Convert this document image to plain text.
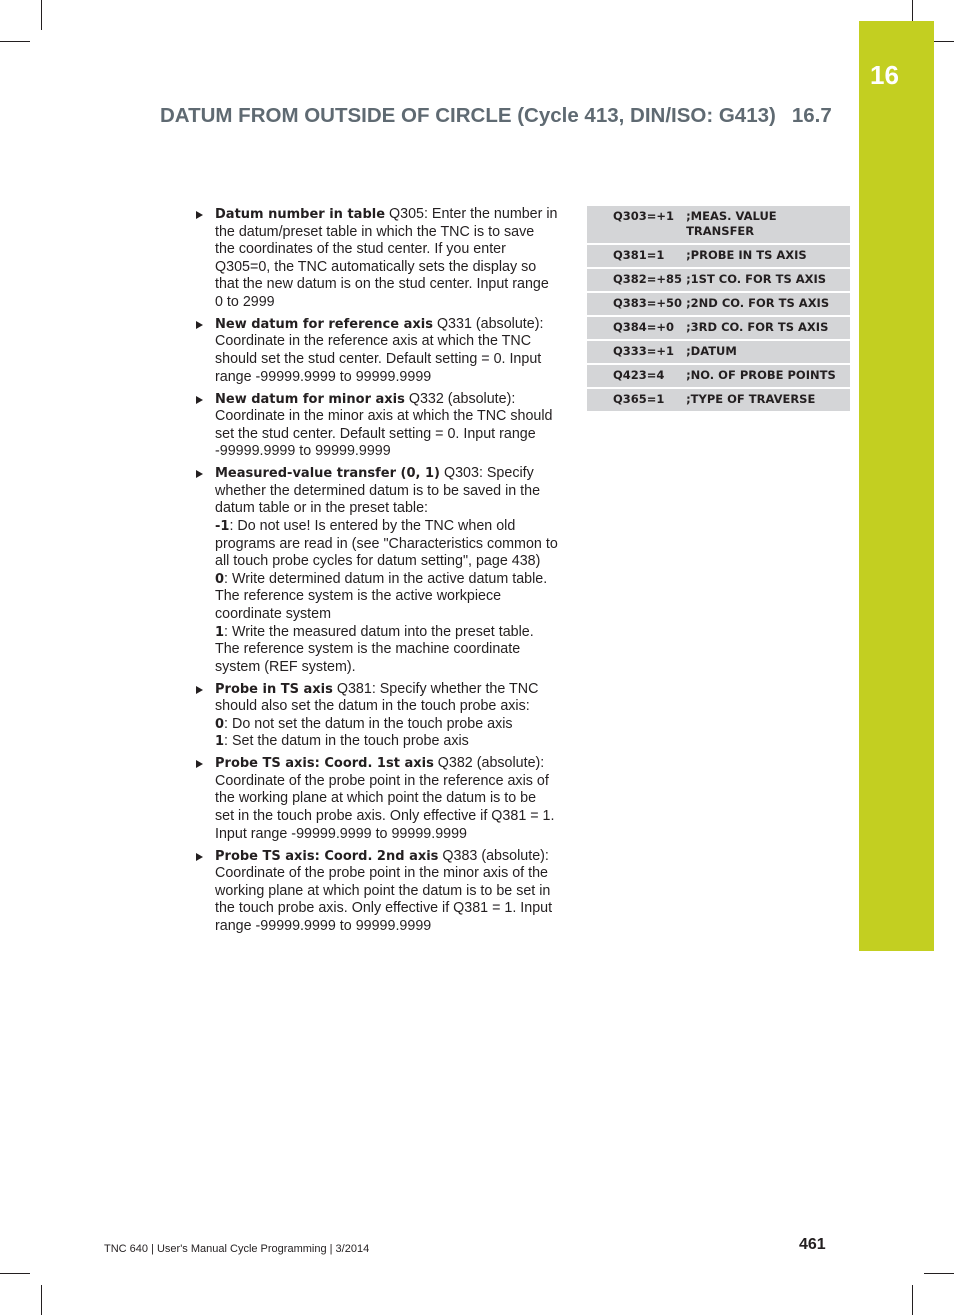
16
DATUM FROM OUTSIDE OF CIRCLE (Cycle 413, DIN/ISO: G413) 16.7
Datum number in table Q305: Enter the number in the datum/preset table in which the TNC is to save the coordinates of the stud center. If you enter Q305=0, the TNC automatically sets the display so that the new datum is on the stud center. Input range 0 to 2999
New datum for reference axis Q331 (absolute): Coordinate in the reference axis at which the TNC should set the stud center. Default setting = 0. Input range -99999.9999 to 99999.9999
New datum for minor axis Q332 (absolute): Coordinate in the minor axis at which the TNC should set the stud center. Default setting = 0. Input range -99999.9999 to 99999.9999
Measured-value transfer (0, 1) Q303: Specify whether the determined datum is to be saved in the datum table or in the preset table:
-1: Do not use! Is entered by the TNC when old programs are read in (see "Characteristics common to all touch probe cycles for datum setting", page 438)
0: Write determined datum in the active datum table. The reference system is the active workpiece coordinate system
1: Write the measured datum into the preset table. The reference system is the machine coordinate system (REF system).
Probe in TS axis Q381: Specify whether the TNC should also set the datum in the touch probe axis:
0: Do not set the datum in the touch probe axis
1: Set the datum in the touch probe axis
Probe TS axis: Coord. 1st axis Q382 (absolute): Coordinate of the probe point in the reference axis of the working plane at which point the datum is to be set in the touch probe axis. Only effective if Q381 = 1. Input range -99999.9999 to 99999.9999
Probe TS axis: Coord. 2nd axis Q383 (absolute): Coordinate of the probe point in the minor axis of the working plane at which point the datum is to be set in the touch probe axis. Only effective if Q381 = 1. Input range -99999.9999 to 99999.9999
Q303=+1	;MEAS. VALUE TRANSFER
Q381=1	;PROBE IN TS AXIS
Q382=+85	;1ST CO. FOR TS AXIS
Q383=+50	;2ND CO. FOR TS AXIS
Q384=+0	;3RD CO. FOR TS AXIS
Q333=+1	;DATUM
Q423=4	;NO. OF PROBE POINTS
Q365=1	;TYPE OF TRAVERSE
TNC 640 | User's Manual Cycle Programming | 3/2014	461
